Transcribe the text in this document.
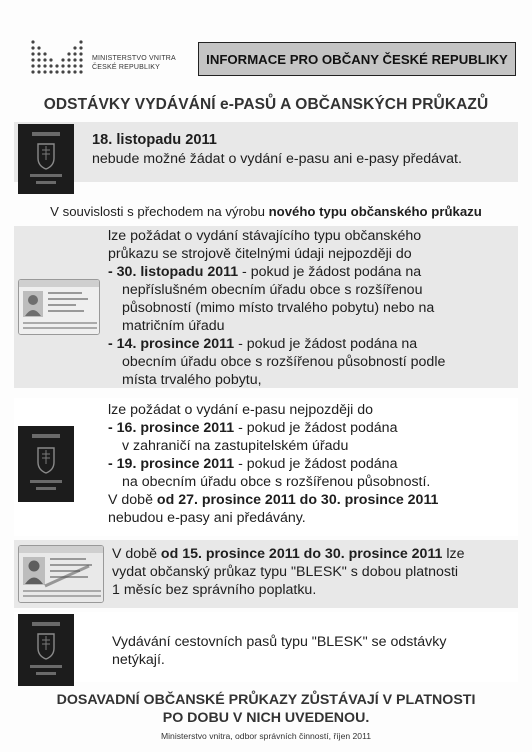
MINISTERSTVO VNITRA
ČESKÉ REPUBLIKY
INFORMACE PRO OBČANY ČESKÉ REPUBLIKY
ODSTÁVKY VYDÁVÁNÍ e-PASŮ A OBČANSKÝCH PRŮKAZŮ
18. listopadu 2011
nebude možné žádat o vydání e-pasu ani e-pasy předávat.
V souvislosti s přechodem na výrobu nového typu občanského průkazu
lze požádat o vydání stávajícího typu občanského
průkazu se strojově čitelnými údaji nejpozději do
- 30. listopadu 2011 - pokud je žádost podána na
nepříslušném obecním úřadu obce s rozšířenou
působností (mimo místo trvalého pobytu) nebo na
matričním úřadu
- 14. prosince 2011 - pokud je žádost podána na
obecním úřadu obce s rozšířenou působností podle
místa trvalého pobytu,
lze požádat o vydání e-pasu nejpozději do
- 16. prosince 2011 - pokud je žádost podána
v zahraničí na zastupitelském úřadu
- 19. prosince 2011 - pokud je žádost podána
na obecním úřadu obce s rozšířenou působností.
V době od 27. prosince 2011 do 30. prosince 2011
nebudou e-pasy ani předávány.
V době od 15. prosince 2011 do 30. prosince 2011 lze
vydat občanský průkaz typu "BLESK" s dobou platnosti
1 měsíc bez správního poplatku.
Vydávání cestovních pasů typu "BLESK" se odstávky
netýkají.
DOSAVADNÍ OBČANSKÉ PRŮKAZY ZŮSTÁVAJÍ V PLATNOSTI
PO DOBU V NICH UVEDENOU.
Ministerstvo vnitra, odbor správních činností, říjen 2011
